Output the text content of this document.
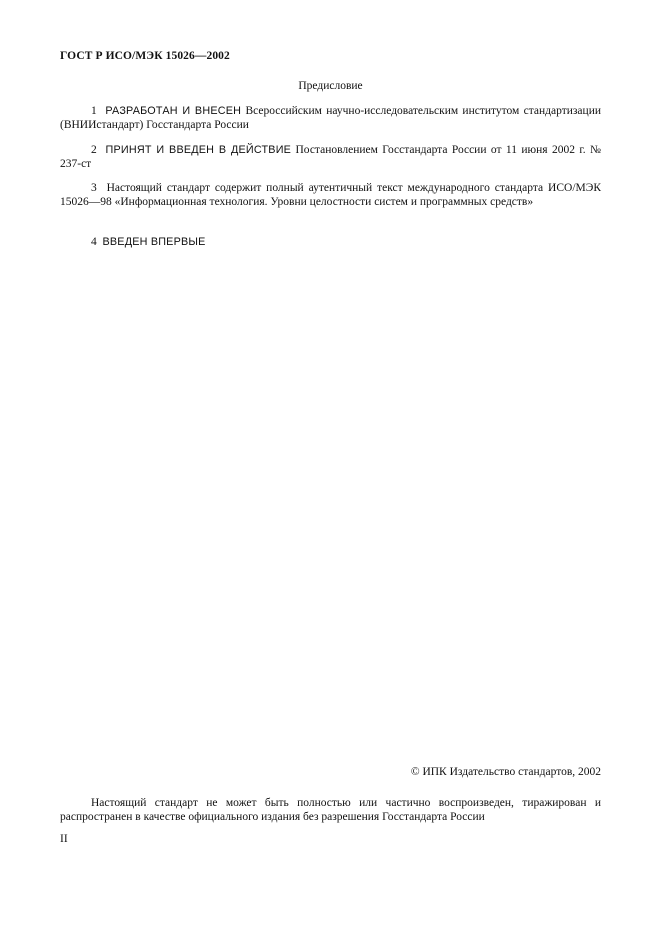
ГОСТ Р ИСО/МЭК 15026—2002
Предисловие
1 РАЗРАБОТАН И ВНЕСЕН Всероссийским научно-исследовательским институтом стандартизации (ВНИИстандарт) Госстандарта России
2 ПРИНЯТ И ВВЕДЕН В ДЕЙСТВИЕ Постановлением Госстандарта России от 11 июня 2002 г. № 237-ст
3 Настоящий стандарт содержит полный аутентичный текст международного стандарта ИСО/МЭК 15026—98 «Информационная технология. Уровни целостности систем и программных средств»
4 ВВЕДЕН ВПЕРВЫЕ
© ИПК Издательство стандартов, 2002
Настоящий стандарт не может быть полностью или частично воспроизведен, тиражирован и распространен в качестве официального издания без разрешения Госстандарта России
II
